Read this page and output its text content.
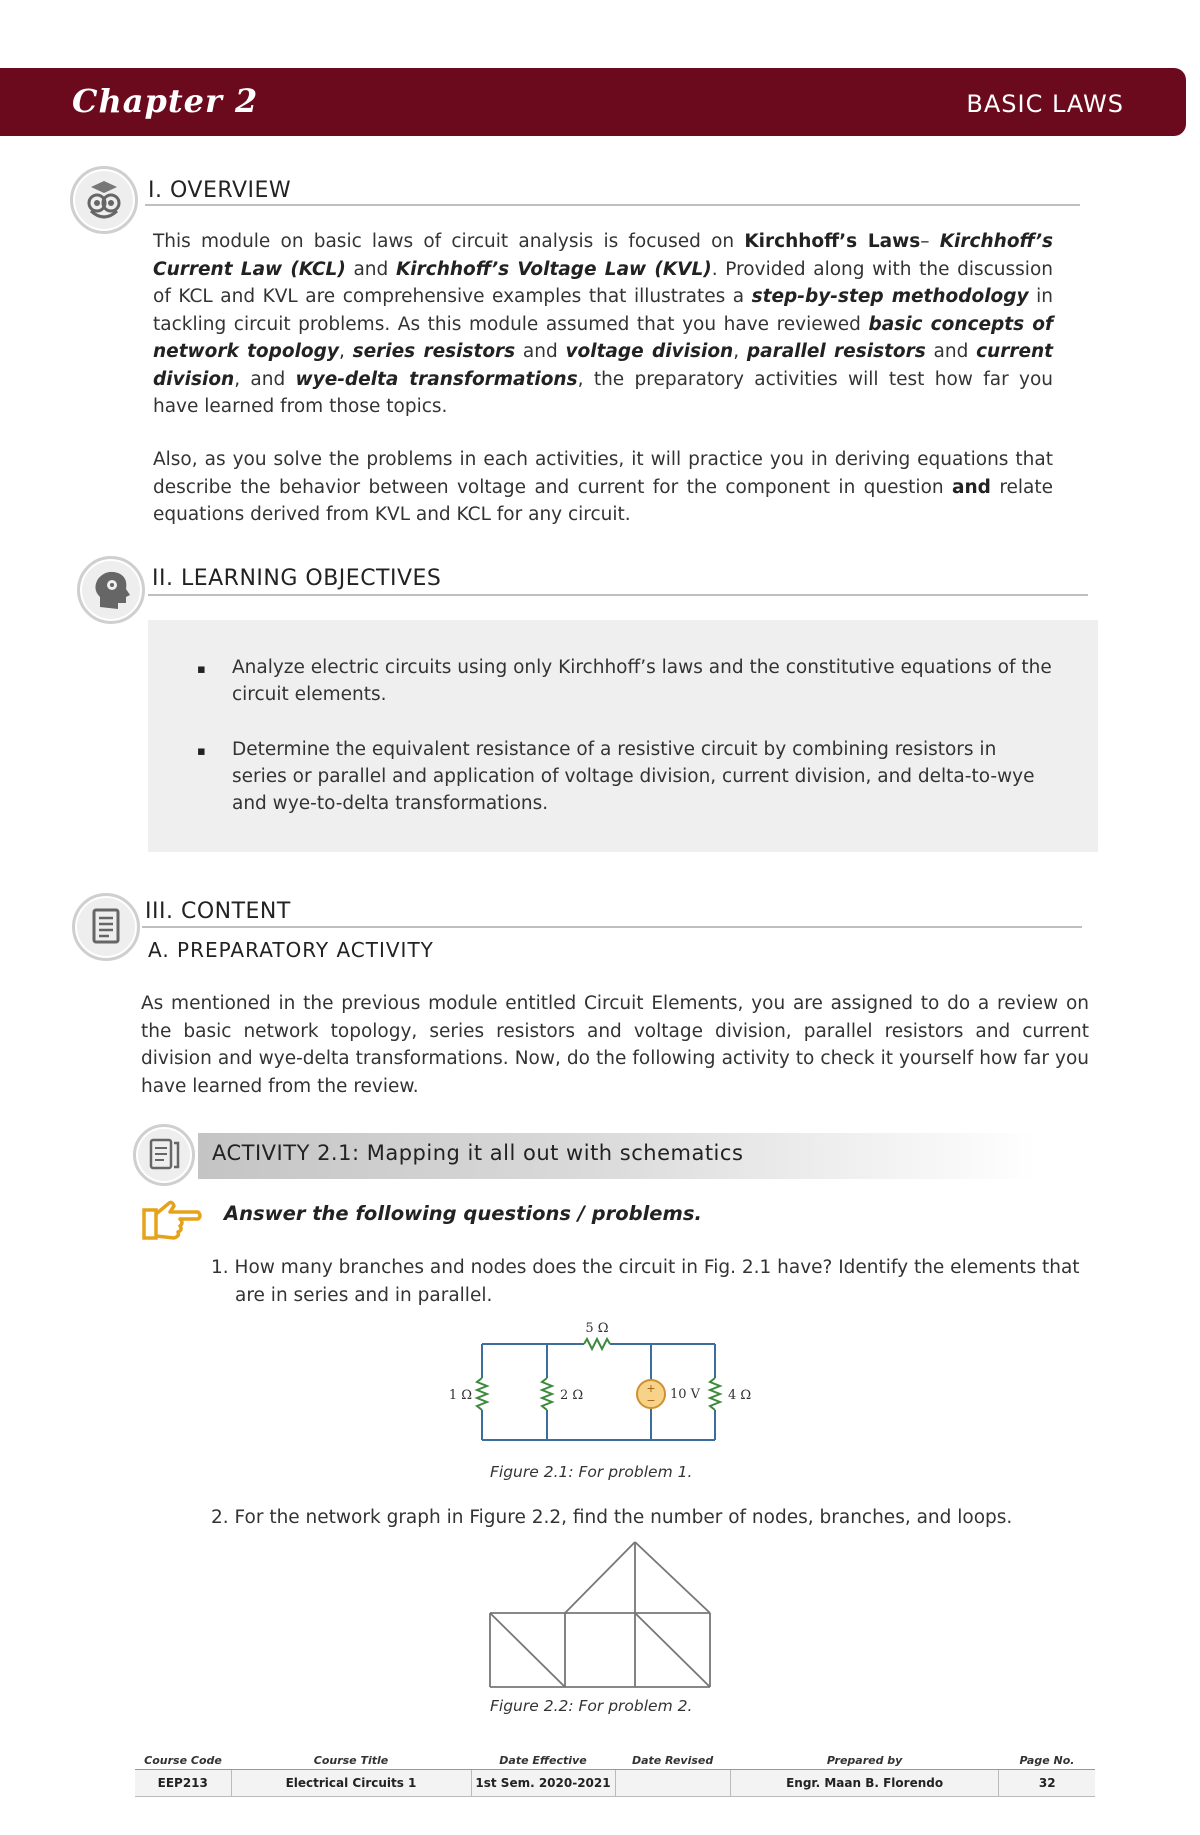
Chapter 2	BASIC LAWS
I. OVERVIEW
This module on basic laws of circuit analysis is focused on Kirchhoff’s Laws– Kirchhoff’s Current Law (KCL) and Kirchhoff’s Voltage Law (KVL). Provided along with the discussion of KCL and KVL are comprehensive examples that illustrates a step-by-step methodology in tackling circuit problems. As this module assumed that you have reviewed basic concepts of network topology, series resistors and voltage division, parallel resistors and current division, and wye-delta transformations, the preparatory activities will test how far you have learned from those topics.
Also, as you solve the problems in each activities, it will practice you in deriving equations that describe the behavior between voltage and current for the component in question and relate equations derived from KVL and KCL for any circuit.
II. LEARNING OBJECTIVES
▪ Analyze electric circuits using only Kirchhoff’s laws and the constitutive equations of the circuit elements.
▪ Determine the equivalent resistance of a resistive circuit by combining resistors in series or parallel and application of voltage division, current division, and delta-to-wye and wye-to-delta transformations.
III. CONTENT
A. PREPARATORY ACTIVITY
As mentioned in the previous module entitled Circuit Elements, you are assigned to do a review on the basic network topology, series resistors and voltage division, parallel resistors and current division and wye-delta transformations. Now, do the following activity to check it yourself how far you have learned from the review.
ACTIVITY 2.1: Mapping it all out with schematics
Answer the following questions / problems.
1. How many branches and nodes does the circuit in Fig. 2.1 have? Identify the elements that are in series and in parallel.
+
−
5 Ω
1 Ω	2 Ω	10 V 4 Ω
Figure 2.1: For problem 1.
2. For the network graph in Figure 2.2, find the number of nodes, branches, and loops.
Figure 2.2: For problem 2.
Course Code	Course Title	Date Effective	Date Revised	Prepared by	Page No.
EEP213	Electrical Circuits 1	1st Sem. 2020-2021		Engr. Maan B. Florendo	32
